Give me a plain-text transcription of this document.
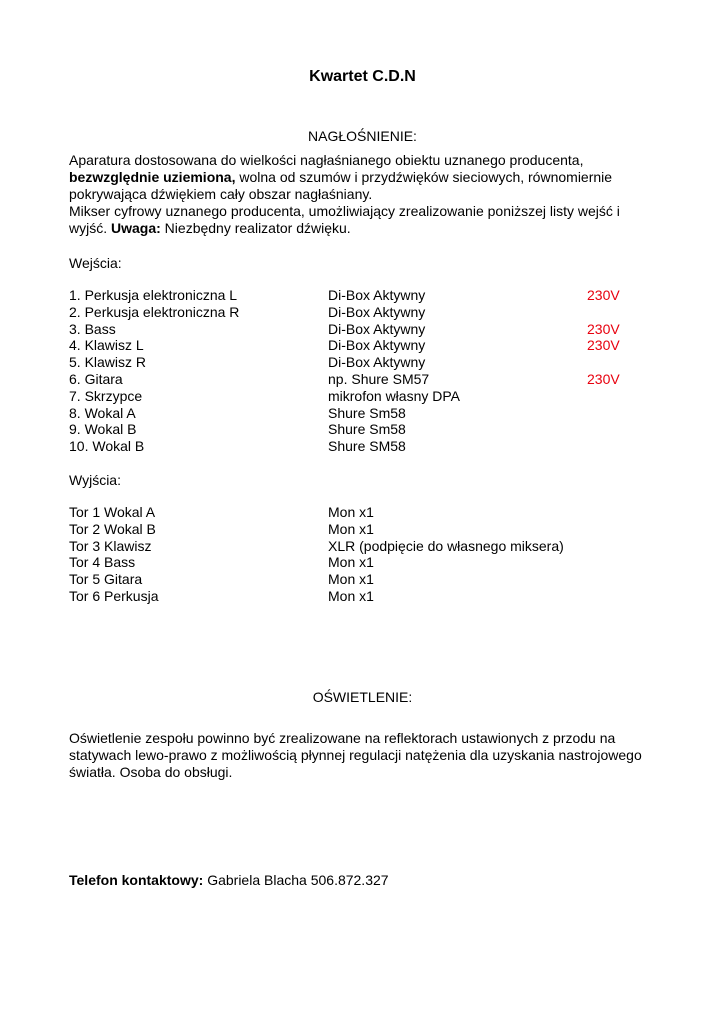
Kwartet C.D.N
NAGŁOŚNIENIE:
Aparatura dostosowana do wielkości nagłaśnianego obiektu uznanego producenta,
bezwzględnie uziemiona, wolna od szumów i przydźwięków sieciowych, równomiernie pokrywająca dźwiękiem cały obszar nagłaśniany.
Mikser cyfrowy uznanego producenta, umożliwiający zrealizowanie poniższej listy wejść i wyjść. Uwaga: Niezbędny realizator dźwięku.
Wejścia:
1. Perkusja elektroniczna L	Di-Box Aktywny	230V
2. Perkusja elektroniczna R	Di-Box Aktywny
3. Bass	Di-Box Aktywny	230V
4. Klawisz L	Di-Box Aktywny	230V
5. Klawisz R	Di-Box Aktywny
6. Gitara	np. Shure SM57	230V
7. Skrzypce	mikrofon własny DPA
8. Wokal A	Shure Sm58
9. Wokal B	Shure Sm58
10. Wokal B	Shure SM58
Wyjścia:
Tor 1 Wokal A	Mon x1
Tor 2 Wokal B	Mon x1
Tor 3 Klawisz	XLR (podpięcie do własnego miksera)
Tor 4 Bass	Mon x1
Tor 5 Gitara	Mon x1
Tor 6 Perkusja	Mon x1
OŚWIETLENIE:
Oświetlenie zespołu powinno być zrealizowane na reflektorach ustawionych z przodu na statywach lewo-prawo z możliwością płynnej regulacji natężenia dla uzyskania nastrojowego światła. Osoba do obsługi.
Telefon kontaktowy: Gabriela Blacha 506.872.327
